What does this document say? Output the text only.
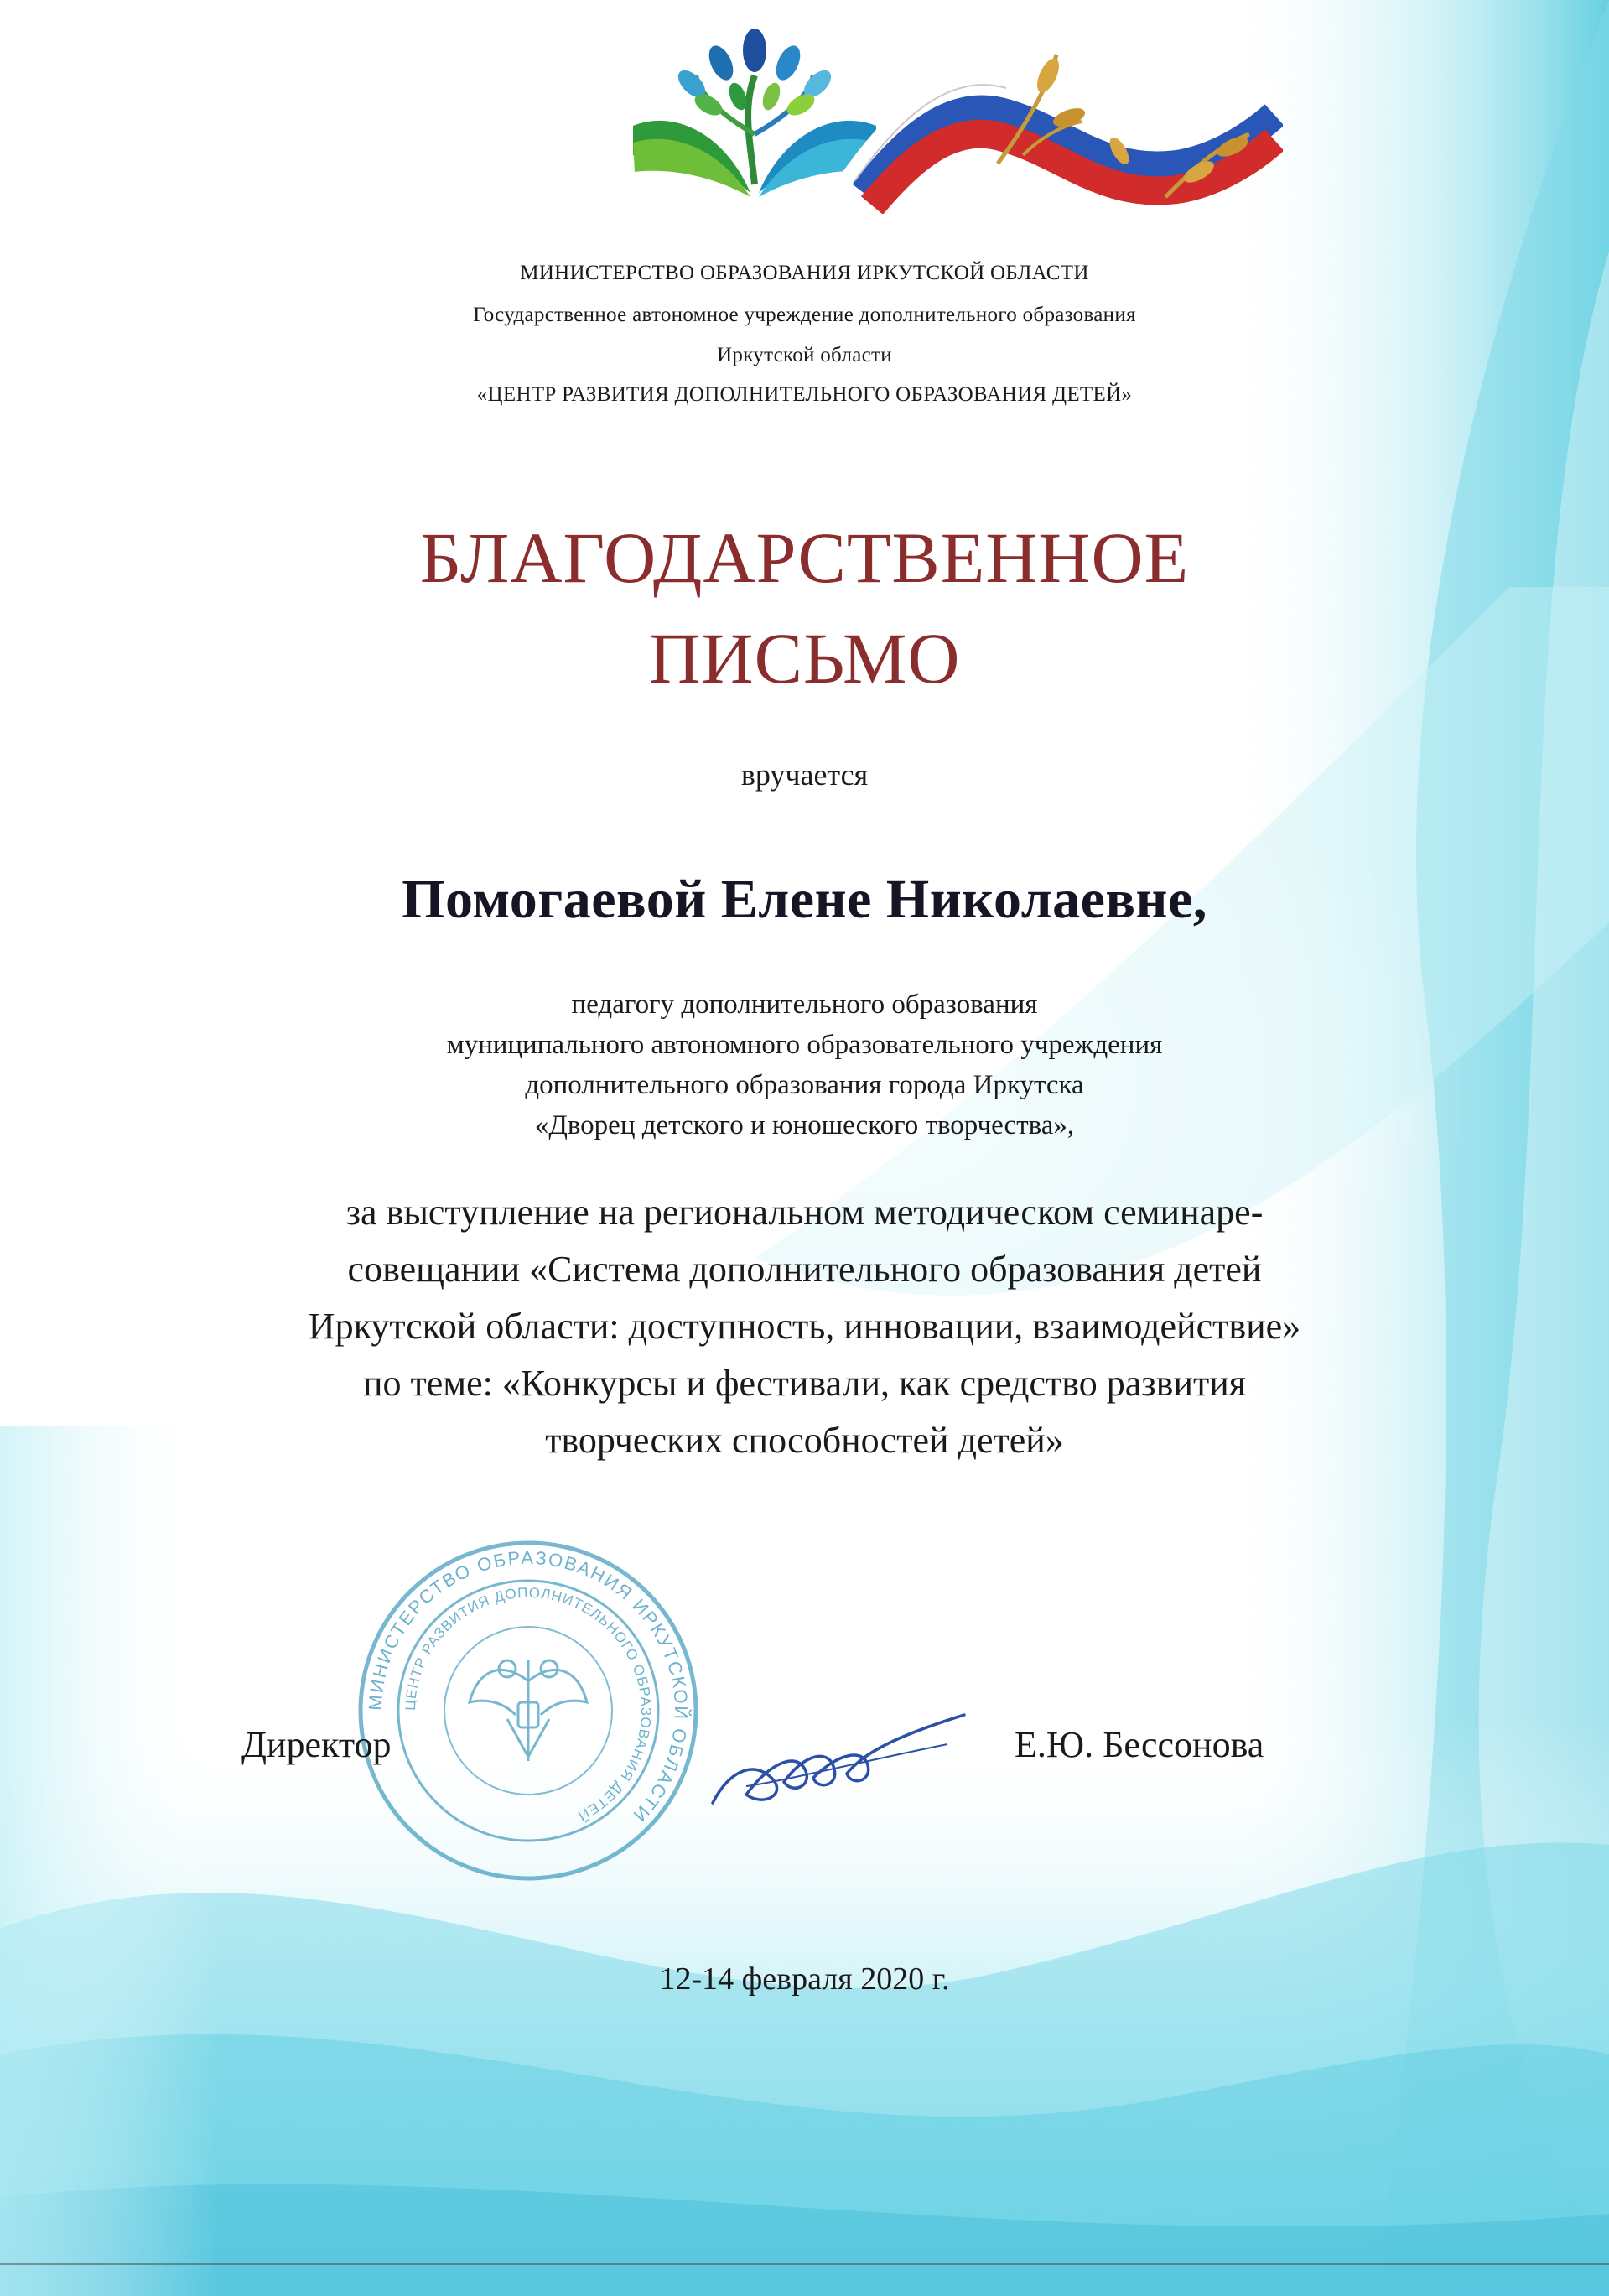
МИНИСТЕРСТВО ОБРАЗОВАНИЯ ИРКУТСКОЙ ОБЛАСТИ
ЦЕНТР РАЗВИТИЯ ДОПОЛНИТЕЛЬНОГО ОБРАЗОВАНИЯ ДЕТЕЙ
МИНИСТЕРСТВО ОБРАЗОВАНИЯ ИРКУТСКОЙ ОБЛАСТИ
Государственное автономное учреждение дополнительного образования
Иркутской области
«ЦЕНТР РАЗВИТИЯ ДОПОЛНИТЕЛЬНОГО ОБРАЗОВАНИЯ ДЕТЕЙ»
БЛАГОДАРСТВЕННОЕ
ПИСЬМО
вручается
Помогаевой Елене Николаевне,
педагогу дополнительного образования
муниципального автономного образовательного учреждения
дополнительного образования города Иркутска
«Дворец детского и юношеского творчества»,
за выступление на региональном методическом семинаре-
совещании «Система дополнительного образования детей
Иркутской области: доступность, инновации, взаимодействие»
по теме: «Конкурсы и фестивали, как средство развития
творческих способностей детей»
Директор	Е.Ю. Бессонова
12-14 февраля 2020 г.
